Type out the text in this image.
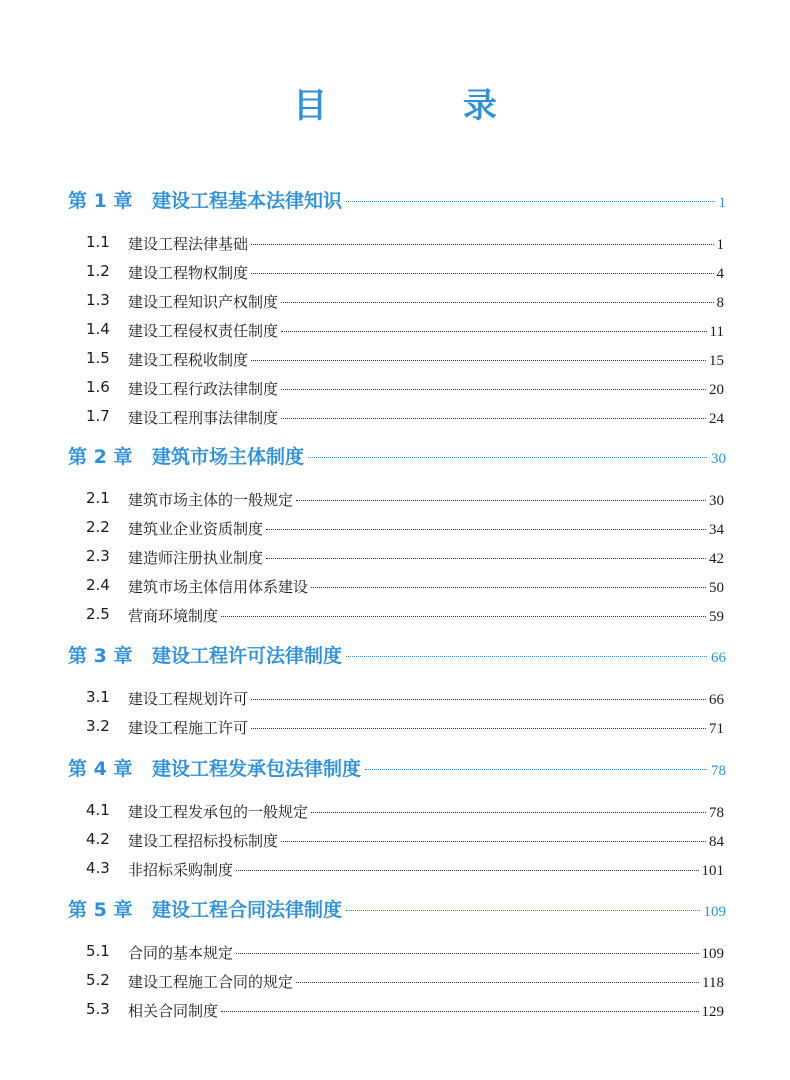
目 录
第 1 章 建设工程基本法律知识	1
1.1 建设工程法律基础	1
1.2 建设工程物权制度	4
1.3 建设工程知识产权制度	8
1.4 建设工程侵权责任制度	11
1.5 建设工程税收制度	15
1.6 建设工程行政法律制度	20
1.7 建设工程刑事法律制度	24
第 2 章 建筑市场主体制度	30
2.1 建筑市场主体的一般规定	30
2.2 建筑业企业资质制度	34
2.3 建造师注册执业制度	42
2.4 建筑市场主体信用体系建设	50
2.5 营商环境制度	59
第 3 章 建设工程许可法律制度	66
3.1 建设工程规划许可	66
3.2 建设工程施工许可	71
第 4 章 建设工程发承包法律制度	78
4.1 建设工程发承包的一般规定	78
4.2 建设工程招标投标制度	84
4.3 非招标采购制度	101
第 5 章 建设工程合同法律制度	109
5.1 合同的基本规定	109
5.2 建设工程施工合同的规定	118
5.3 相关合同制度	129
